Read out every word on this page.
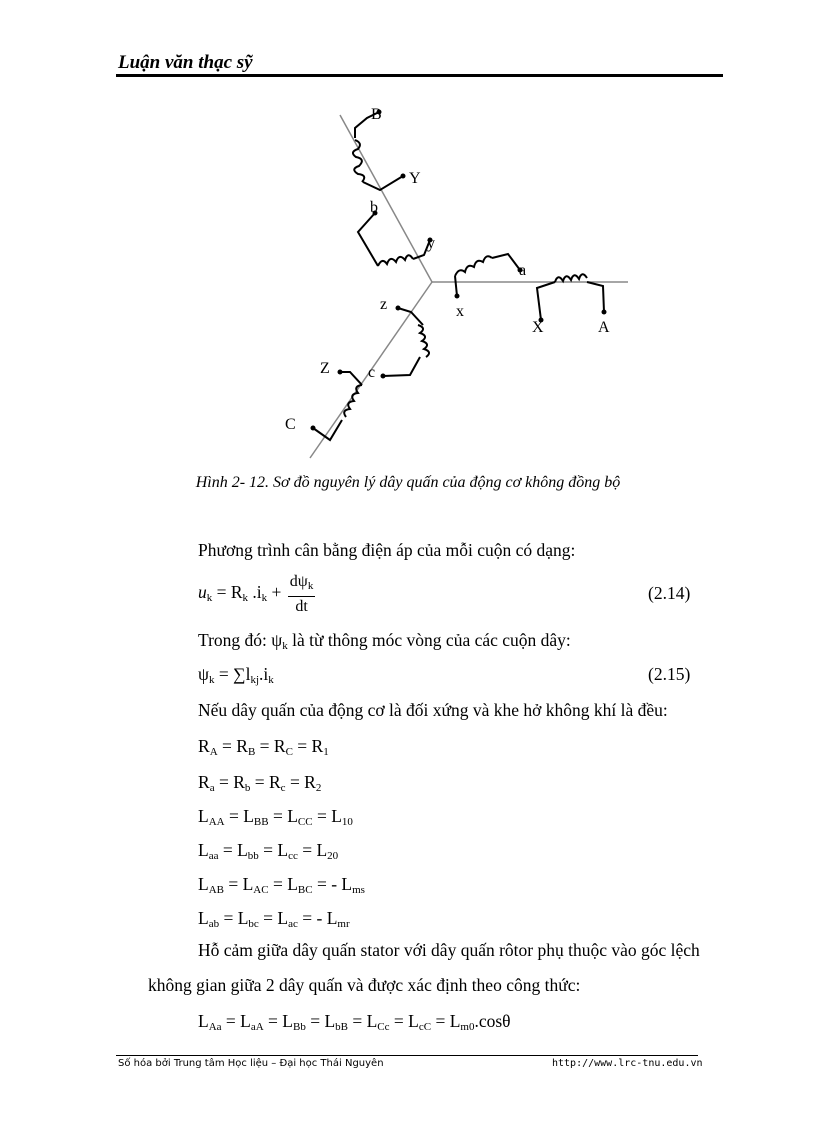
Luận văn thạc sỹ
B
Y
b
y
a
x
X	A
z
Z c
C
Hình 2- 12. Sơ đồ nguyên lý dây quấn của động cơ không đồng bộ
Phương trình cân bằng điện áp của mỗi cuộn có dạng:
$u_k = R_k$ $.i_k + \frac{d\psi_k}{dt}$	(2.14)
Trong đó: $\psi_k$ là từ thông móc vòng của các cuộn dây:
$\psi_k = \sum l_{kj}.i_k$	(2.15)
Nếu dây quấn của động cơ là đối xứng và khe hở không khí là đều:
$R_A = R_B = R_C = R_1$
$R_a = R_b = R_c = R_2$
$L_{AA} = L_{BB} = L_{CC} = L_{10}$
$L_{aa} = L_{bb} = L_{cc} = L_{20}$
$L_{AB} = L_{AC} = L_{BC}$ = - $L_{ms}$
$L_{ab} = L_{bc} = L_{ac}$ = - $L_{mr}$
Hỗ cảm giữa dây quấn stator với dây quấn rôtor phụ thuộc vào góc lệch
không gian giữa 2 dây quấn và được xác định theo công thức:
$L_{Aa} = L_{aA} = L_{Bb} = L_{bB} = L_{Cc} = L_{cC} = L_{m0}.\cos\theta$
Số hóa bởi Trung tâm Học liệu – Đại học Thái Nguyên	http://www.lrc-tnu.edu.vn
